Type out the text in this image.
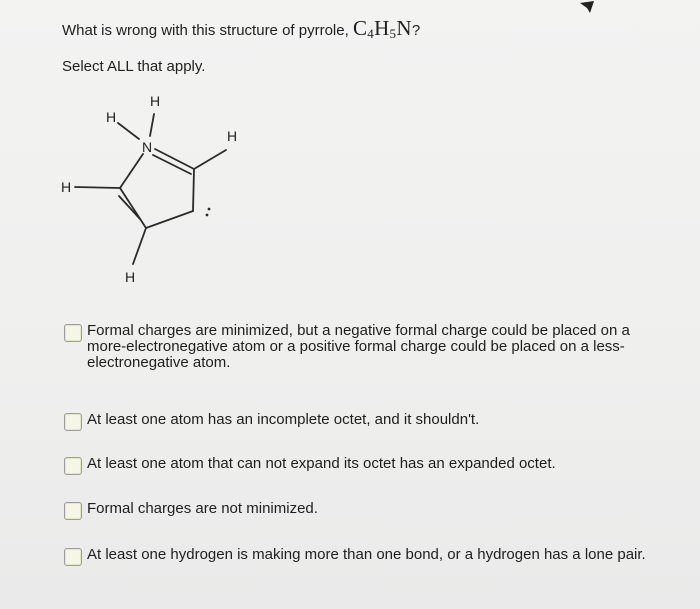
What is wrong with this structure of pyrrole, $C_4H_5N$?
Select ALL that apply.
H
H
N
H
H
H
Formal charges are minimized, but a negative formal charge could be placed on a more-electronegative atom or a positive formal charge could be placed on a less-electronegative atom.
At least one atom has an incomplete octet, and it shouldn't.
At least one atom that can not expand its octet has an expanded octet.
Formal charges are not minimized.
At least one hydrogen is making more than one bond, or a hydrogen has a lone pair.
